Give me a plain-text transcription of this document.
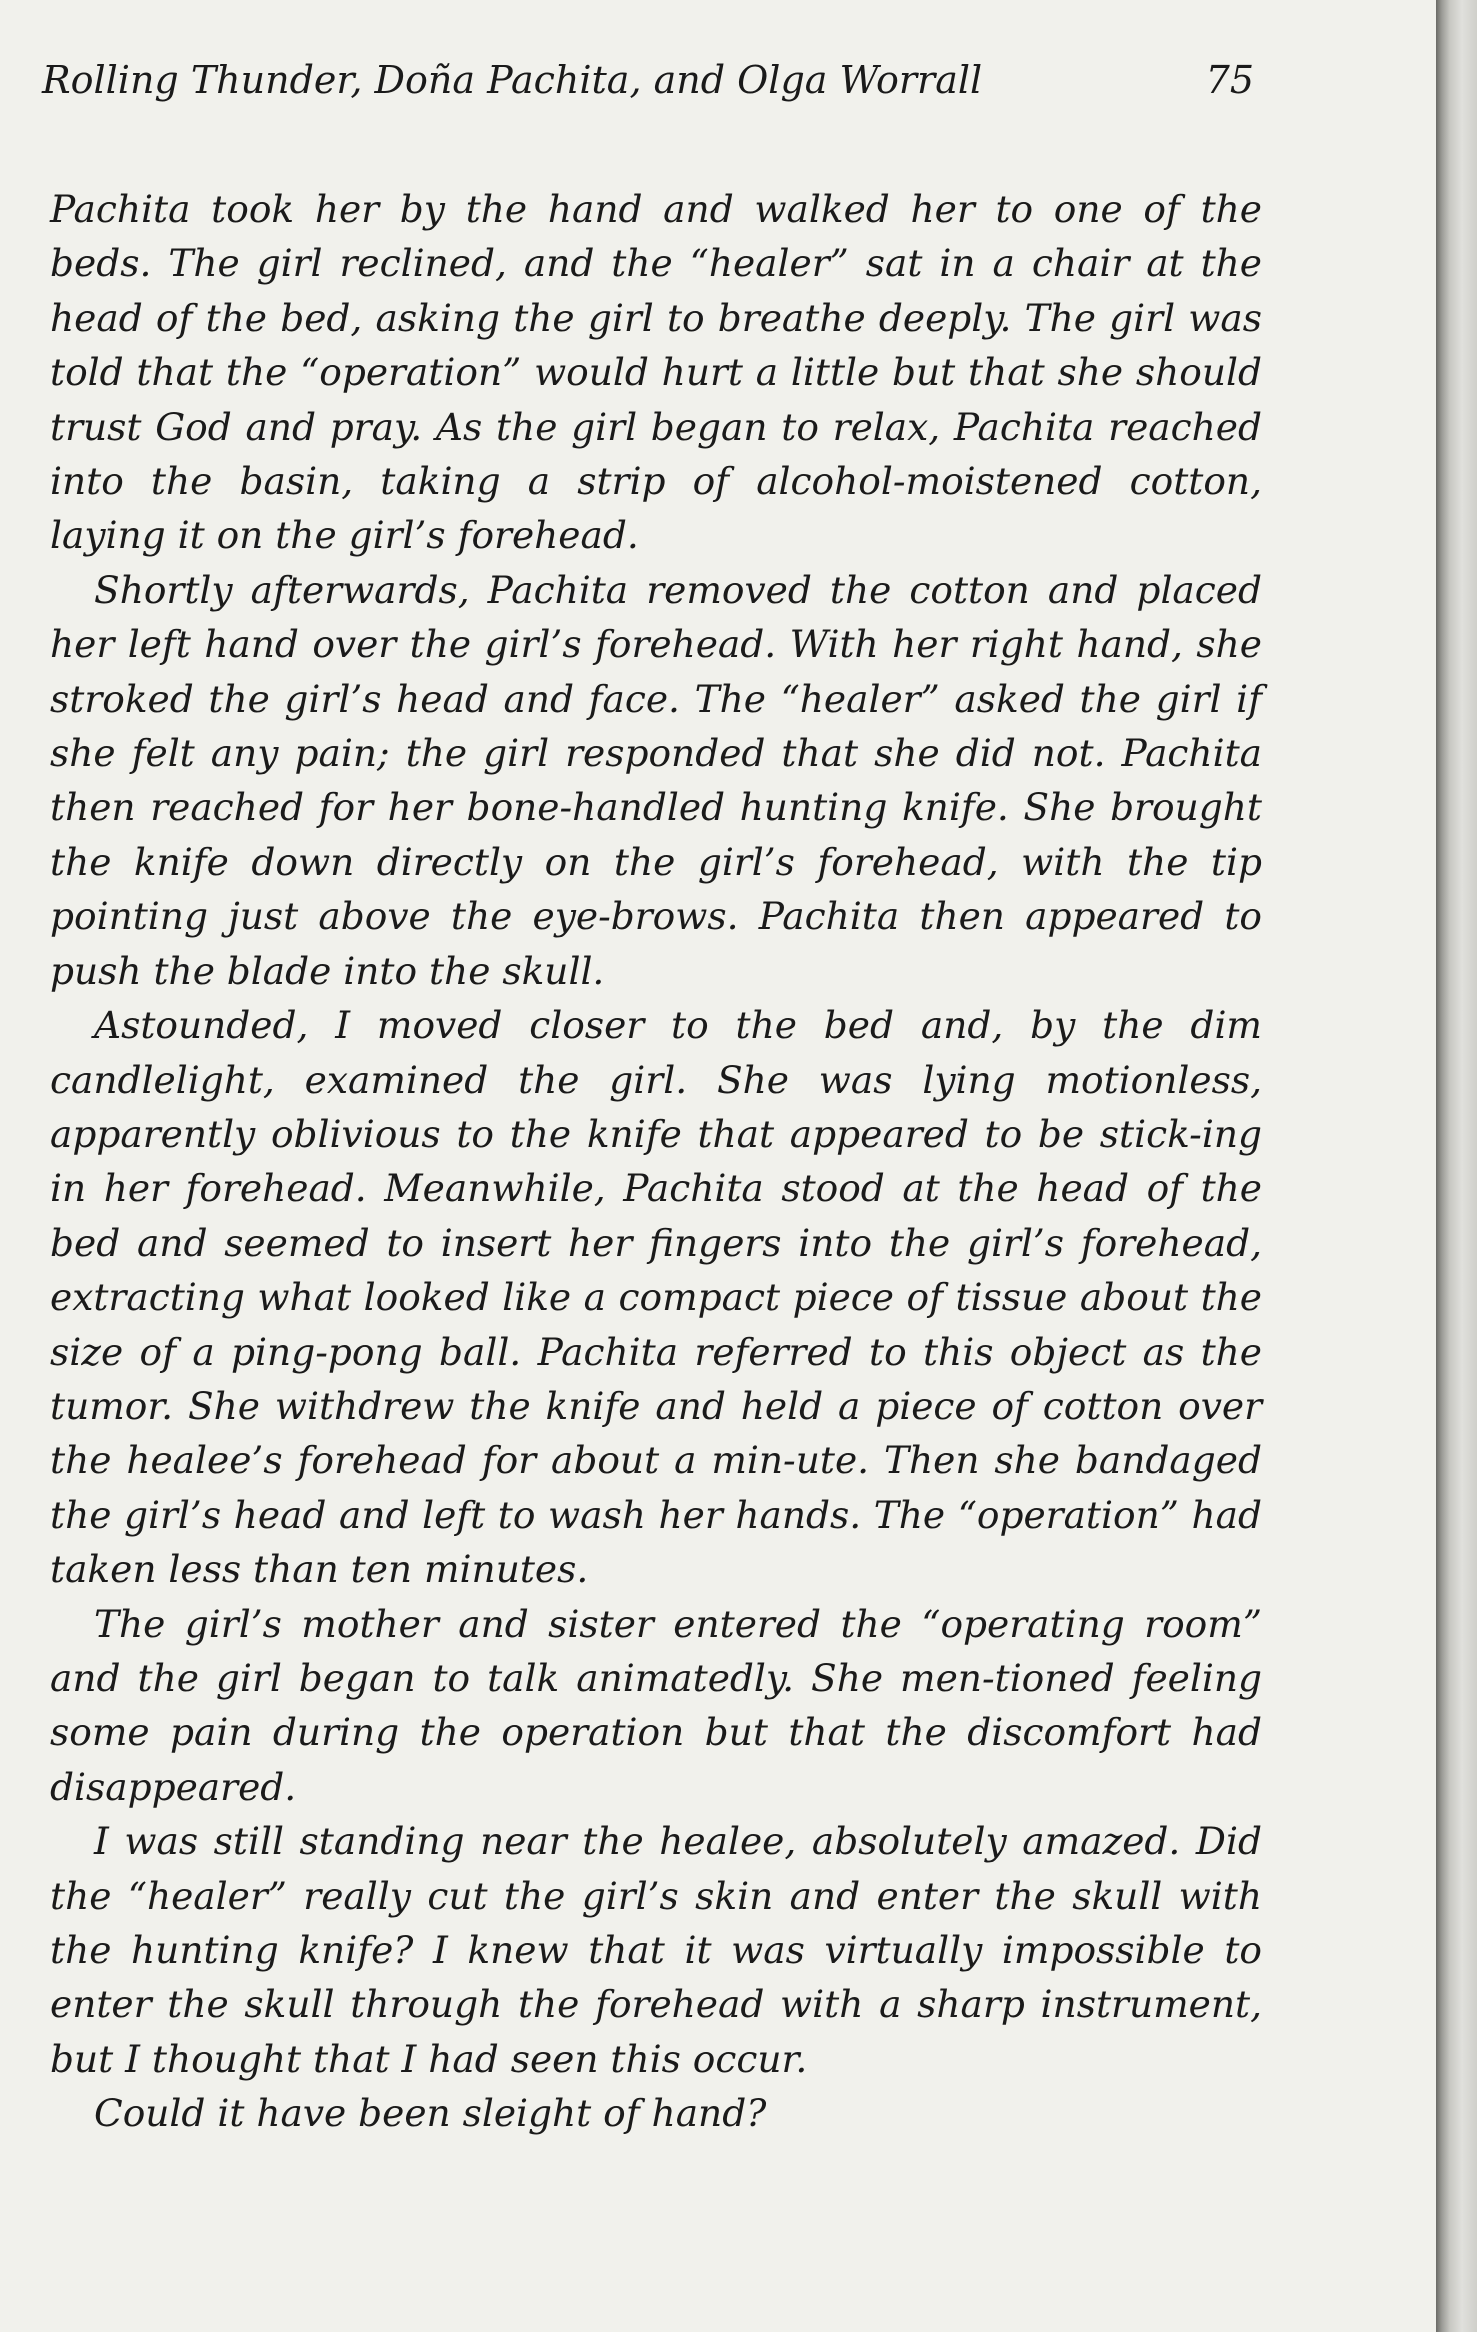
Rolling Thunder, Doña Pachita, and Olga Worrall	75

Pachita took her by the hand and walked her to one of the beds. The girl reclined, and the “healer” sat in a chair at the head of the bed, asking the girl to breathe deeply. The girl was told that the “operation” would hurt a little but that she should trust God and pray. As the girl began to relax, Pachita reached into the basin, taking a strip of alcohol-moistened cotton, laying it on the girl’s forehead.

Shortly afterwards, Pachita removed the cotton and placed her left hand over the girl’s forehead. With her right hand, she stroked the girl’s head and face. The “healer” asked the girl if she felt any pain; the girl responded that she did not. Pachita then reached for her bone-handled hunting knife. She brought the knife down directly on the girl’s forehead, with the tip pointing just above the eye-brows. Pachita then appeared to push the blade into the skull.

Astounded, I moved closer to the bed and, by the dim candlelight, examined the girl. She was lying motionless, apparently oblivious to the knife that appeared to be stick-ing in her forehead. Meanwhile, Pachita stood at the head of the bed and seemed to insert her fingers into the girl’s forehead, extracting what looked like a compact piece of tissue about the size of a ping-pong ball. Pachita referred to this object as the tumor. She withdrew the knife and held a piece of cotton over the healee’s forehead for about a min-ute. Then she bandaged the girl’s head and left to wash her hands. The “operation” had taken less than ten minutes.

The girl’s mother and sister entered the “operating room” and the girl began to talk animatedly. She men-tioned feeling some pain during the operation but that the discomfort had disappeared.

I was still standing near the healee, absolutely amazed. Did the “healer” really cut the girl’s skin and enter the skull with the hunting knife? I knew that it was virtually impossible to enter the skull through the forehead with a sharp instrument, but I thought that I had seen this occur.

Could it have been sleight of hand?
